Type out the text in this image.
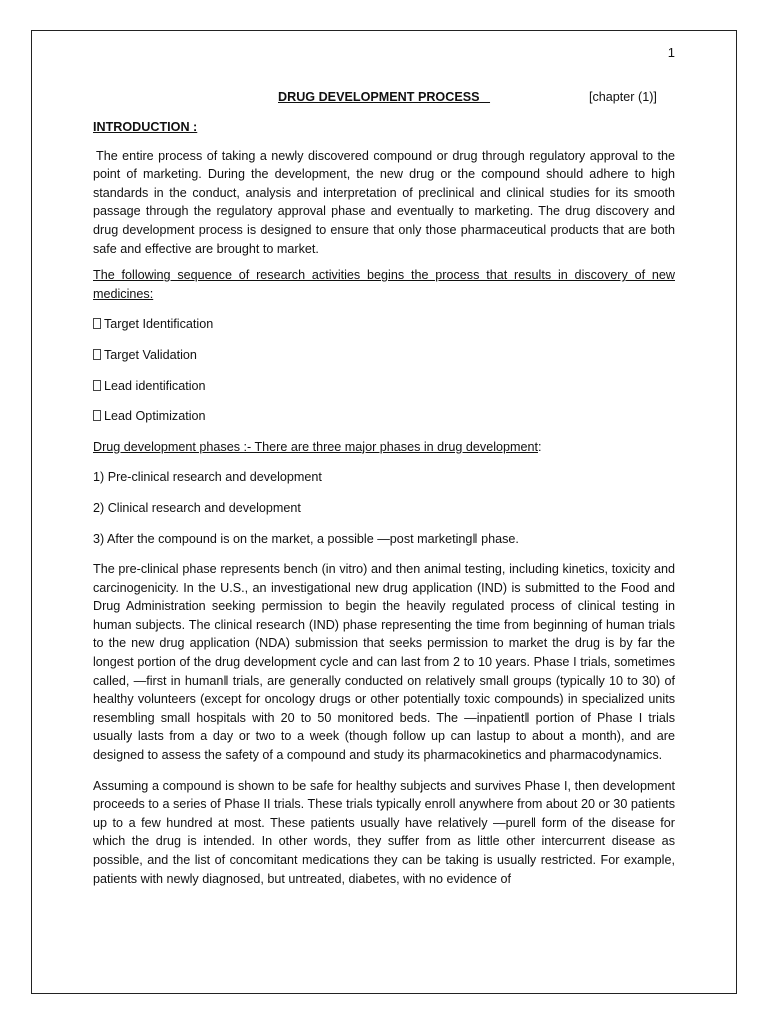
1
DRUG DEVELOPMENT PROCESS	[chapter (1)]
INTRODUCTION :

The entire process of taking a newly discovered compound or drug through regulatory approval to the point of marketing. During the development, the new drug or the compound should adhere to high standards in the conduct, analysis and interpretation of preclinical and clinical studies for its smooth passage through the regulatory approval phase and eventually to marketing. The drug discovery and drug development process is designed to ensure that only those pharmaceutical products that are both safe and effective are brought to market.

The following sequence of research activities begins the process that results in discovery of new medicines:

Target Identification

Target Validation

Lead identification

Lead Optimization

Drug development phases :- There are three major phases in drug development:

1) Pre-clinical research and development

2) Clinical research and development

3) After the compound is on the market, a possible ―post marketing‖ phase.

The pre-clinical phase represents bench (in vitro) and then animal testing, including kinetics, toxicity and carcinogenicity. In the U.S., an investigational new drug application (IND) is submitted to the Food and Drug Administration seeking permission to begin the heavily regulated process of clinical testing in human subjects. The clinical research (IND) phase representing the time from beginning of human trials to the new drug application (NDA) submission that seeks permission to market the drug is by far the longest portion of the drug development cycle and can last from 2 to 10 years. Phase I trials, sometimes called, ―first in human‖ trials, are generally conducted on relatively small groups (typically 10 to 30) of healthy volunteers (except for oncology drugs or other potentially toxic compounds) in specialized units resembling small hospitals with 20 to 50 monitored beds. The ―inpatient‖ portion of Phase I trials usually lasts from a day or two to a week (though follow up can lastup to about a month), and are designed to assess the safety of a compound and study its pharmacokinetics and pharmacodynamics.

Assuming a compound is shown to be safe for healthy subjects and survives Phase I, then development proceeds to a series of Phase II trials. These trials typically enroll anywhere from about 20 or 30 patients up to a few hundred at most. These patients usually have relatively ―pure‖ form of the disease for which the drug is intended. In other words, they suffer from as little other intercurrent disease as possible, and the list of concomitant medications they can be taking is usually restricted. For example, patients with newly diagnosed, but untreated, diabetes, with no evidence of
